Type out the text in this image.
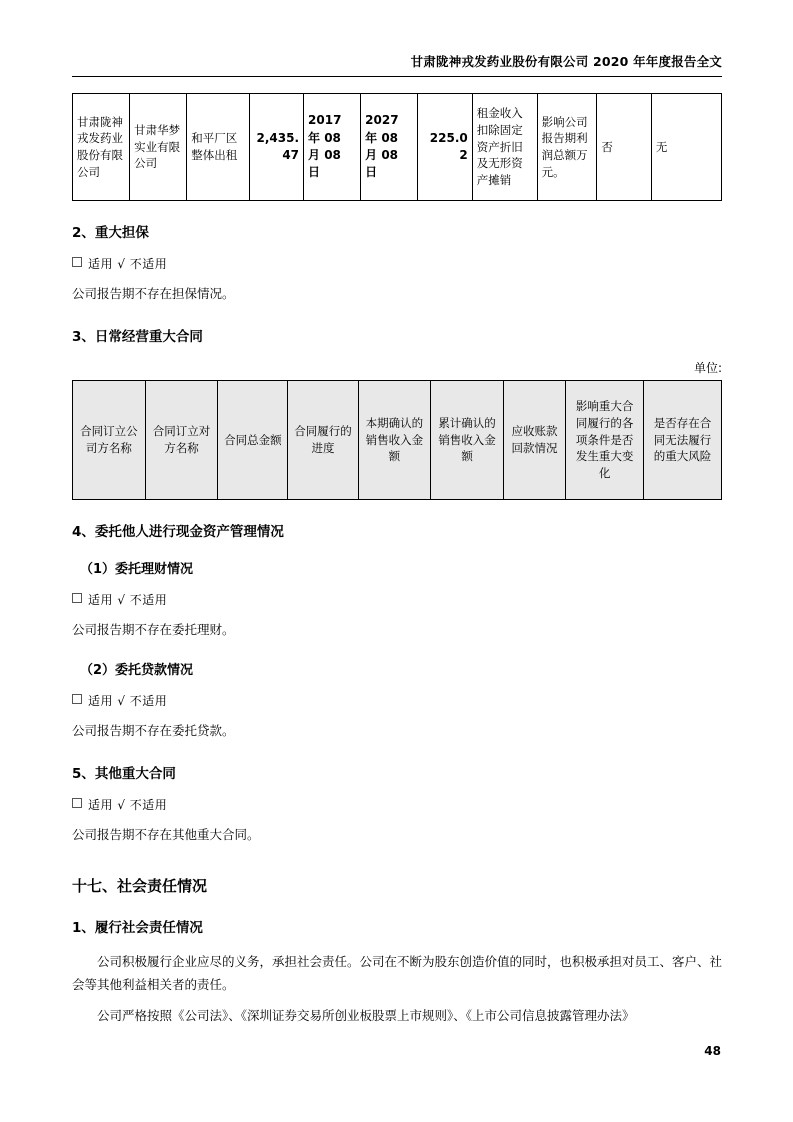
甘肃陇神戎发药业股份有限公司 2020 年年度报告全文
甘肃陇神戎发药业股份有限公司	甘肃华梦实业有限公司	和平厂区整体出租	2,435.47	2017 年 08 月 08 日	2027 年 08 月 08 日	225.02	租金收入扣除固定资产折旧及无形资产摊销	影响公司报告期利润总额万元。	否	无
2、重大担保
适用 √ 不适用
公司报告期不存在担保情况。
3、日常经营重大合同
单位:
合同订立公司方名称	合同订立对方名称	合同总金额	合同履行的进度	本期确认的销售收入金额	累计确认的销售收入金额	应收账款回款情况	影响重大合同履行的各项条件是否发生重大变化	是否存在合同无法履行的重大风险
4、委托他人进行现金资产管理情况
（1）委托理财情况
适用 √ 不适用
公司报告期不存在委托理财。
（2）委托贷款情况
适用 √ 不适用
公司报告期不存在委托贷款。
5、其他重大合同
适用 √ 不适用
公司报告期不存在其他重大合同。
十七、社会责任情况
1、履行社会责任情况
公司积极履行企业应尽的义务，承担社会责任。公司在不断为股东创造价值的同时，也积极承担对员工、客户、社会等其他利益相关者的责任。
公司严格按照《公司法》、《深圳证券交易所创业板股票上市规则》、《上市公司信息披露管理办法》
48
